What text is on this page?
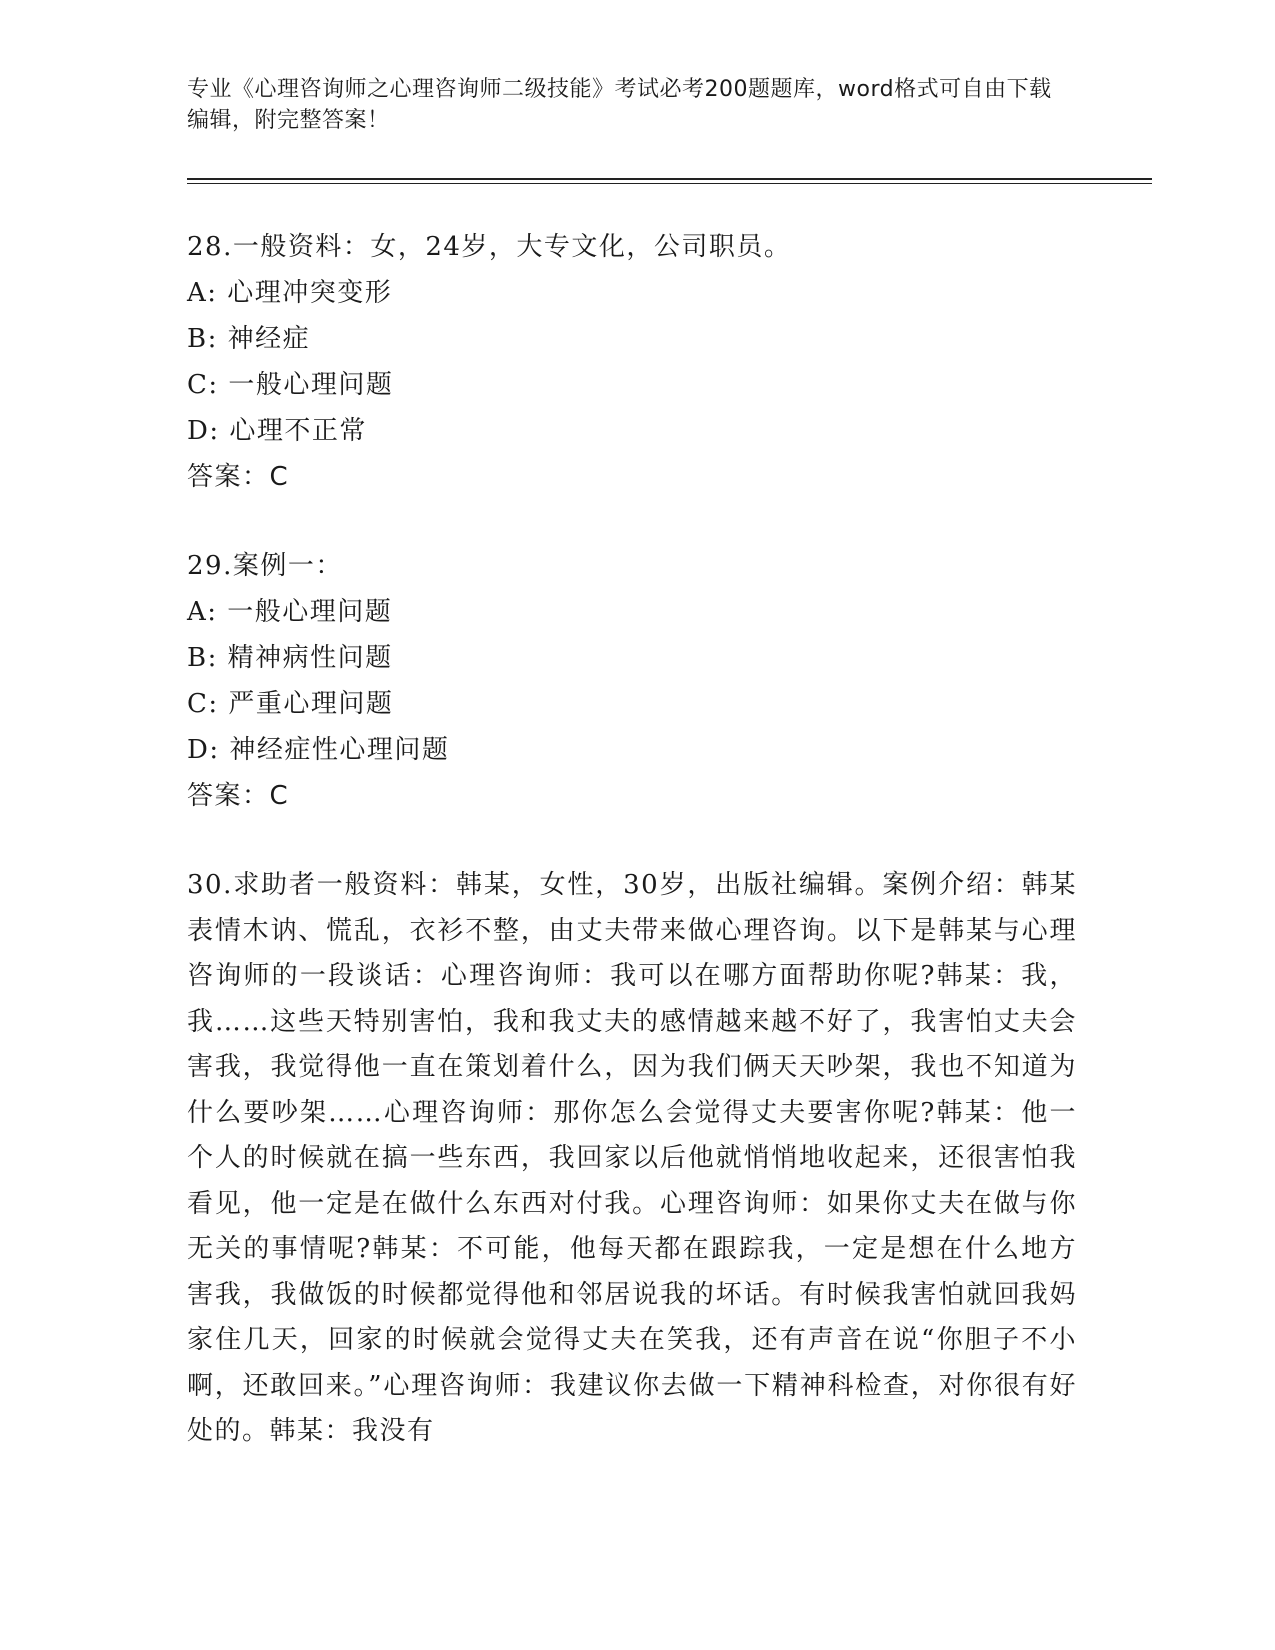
专业《心理咨询师之心理咨询师二级技能》考试必考200题题库，word格式可自由下载编辑，附完整答案！
28.一般资料：女，24岁，大专文化，公司职员。
A: 心理冲突变形
B: 神经症
C: 一般心理问题
D: 心理不正常
答案：C
29.案例一：
A: 一般心理问题
B: 精神病性问题
C: 严重心理问题
D: 神经症性心理问题
答案：C
30.求助者一般资料：韩某，女性，30岁，出版社编辑。案例介绍：韩某表情木讷、慌乱，衣衫不整，由丈夫带来做心理咨询。以下是韩某与心理咨询师的一段谈话：心理咨询师：我可以在哪方面帮助你呢?韩某：我，我……这些天特别害怕，我和我丈夫的感情越来越不好了，我害怕丈夫会害我，我觉得他一直在策划着什么，因为我们俩天天吵架，我也不知道为什么要吵架……心理咨询师：那你怎么会觉得丈夫要害你呢?韩某：他一个人的时候就在搞一些东西，我回家以后他就悄悄地收起来，还很害怕我看见，他一定是在做什么东西对付我。心理咨询师：如果你丈夫在做与你无关的事情呢?韩某：不可能，他每天都在跟踪我，一定是想在什么地方害我，我做饭的时候都觉得他和邻居说我的坏话。有时候我害怕就回我妈家住几天，回家的时候就会觉得丈夫在笑我，还有声音在说“你胆子不小啊，还敢回来。”心理咨询师：我建议你去做一下精神科检查，对你很有好处的。韩某：我没有
